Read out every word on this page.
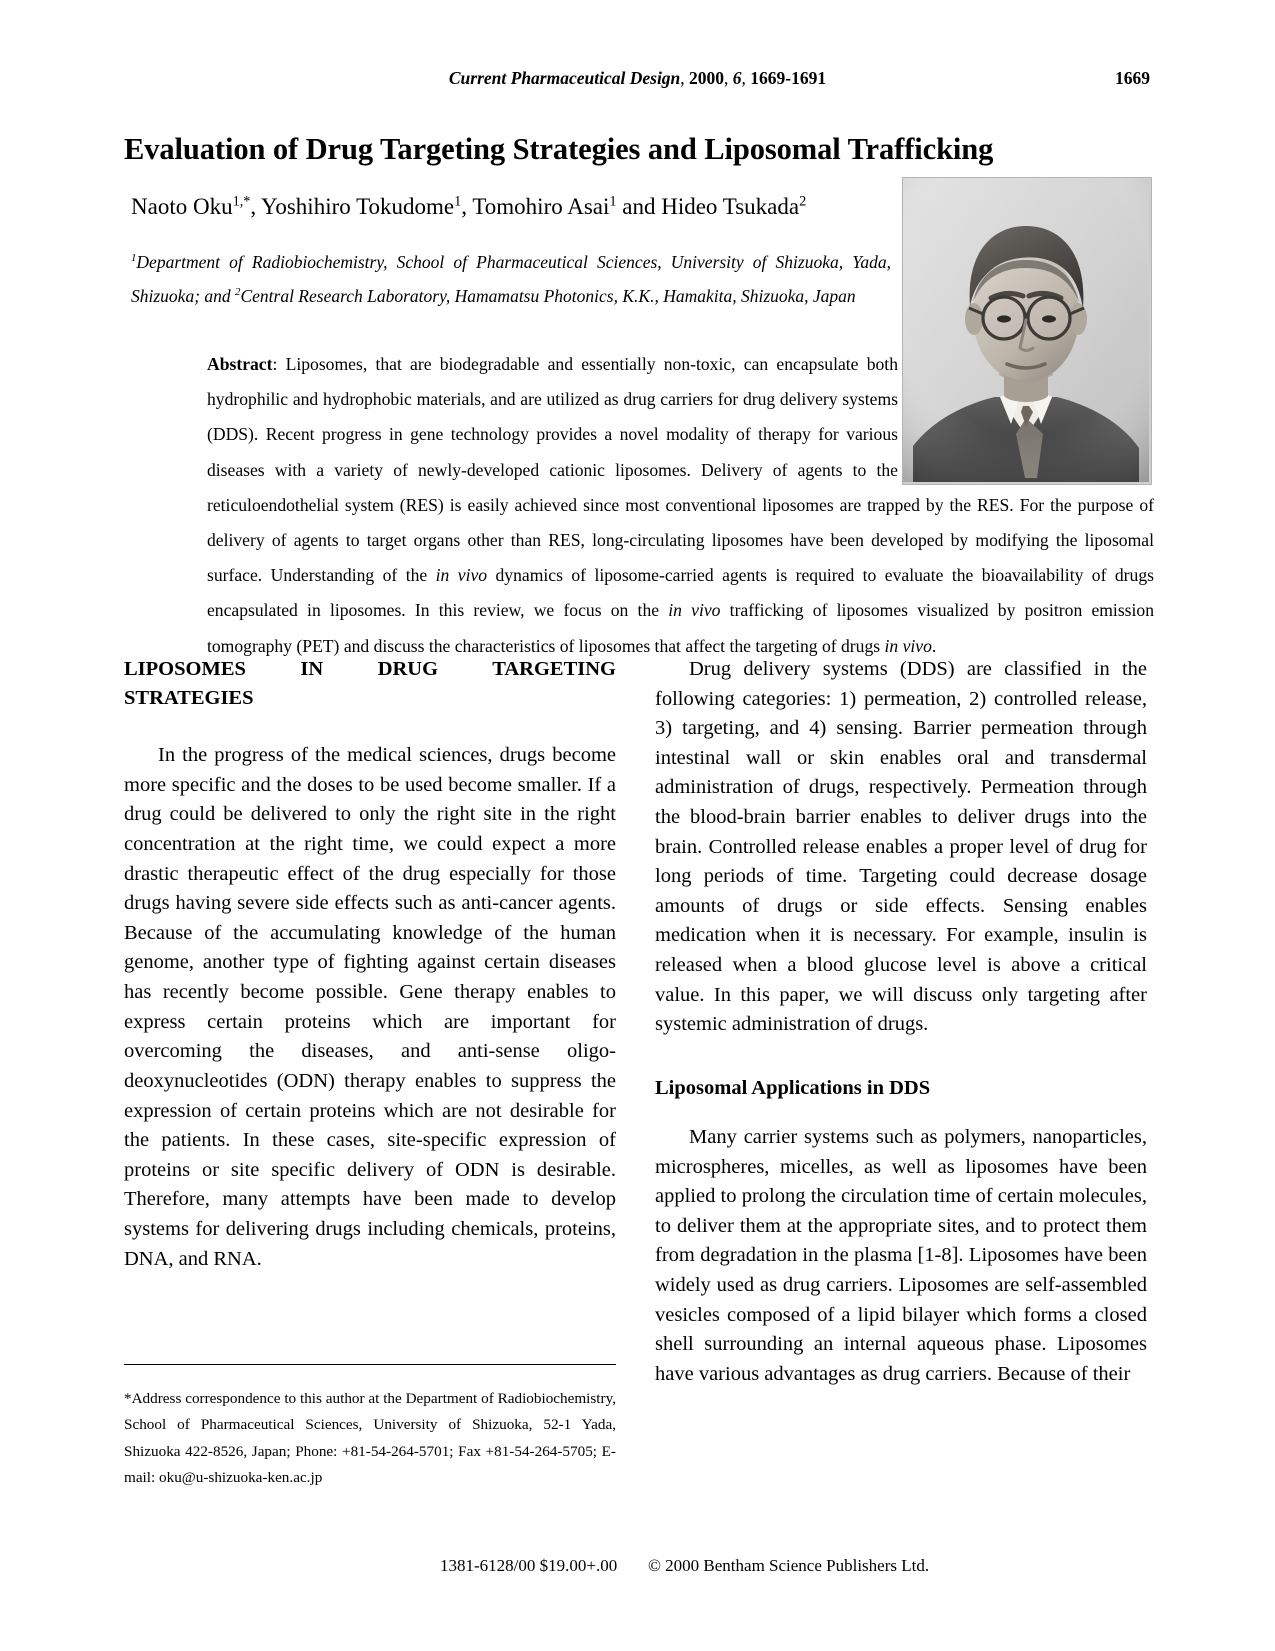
Current Pharmaceutical Design, 2000, 6, 1669-1691	1669
Evaluation of Drug Targeting Strategies and Liposomal Trafficking
Naoto Oku$^{1,*}$, Yoshihiro Tokudome$^1$, Tomohiro Asai$^1$ and Hideo Tsukada$^2$
$^1$Department of Radiobiochemistry, School of Pharmaceutical Sciences, University of Shizuoka, Yada, Shizuoka; and $^2$Central Research Laboratory, Hamamatsu Photonics, K.K., Hamakita, Shizuoka, Japan
Abstract: Liposomes, that are biodegradable and essentially non-toxic, can encapsulate both hydrophilic and hydrophobic materials, and are utilized as drug carriers for drug delivery systems (DDS). Recent progress in gene technology provides a novel modality of therapy for various diseases with a variety of newly-developed cationic liposomes. Delivery of agents to the reticuloendothelial system (RES) is easily achieved since most conventional liposomes are trapped by the RES. For the purpose of delivery of agents to target organs other than RES, long-circulating liposomes have been developed by modifying the liposomal surface. Understanding of the in vivo dynamics of liposome-carried agents is required to evaluate the bioavailability of drugs encapsulated in liposomes. In this review, we focus on the in vivo trafficking of liposomes visualized by positron emission tomography (PET) and discuss the characteristics of liposomes that affect the targeting of drugs in vivo.
LIPOSOMES IN DRUG TARGETING
STRATEGIES

In the progress of the medical sciences, drugs become more specific and the doses to be used become smaller. If a drug could be delivered to only the right site in the right concentration at the right time, we could expect a more drastic therapeutic effect of the drug especially for those drugs having severe side effects such as anti-cancer agents. Because of the accumulating knowledge of the human genome, another type of fighting against certain diseases has recently become possible. Gene therapy enables to express certain proteins which are important for overcoming the diseases, and anti-sense oligo-deoxynucleotides (ODN) therapy enables to suppress the expression of certain proteins which are not desirable for the patients. In these cases, site-specific expression of proteins or site specific delivery of ODN is desirable. Therefore, many attempts have been made to develop systems for delivering drugs including chemicals, proteins, DNA, and RNA.

Drug delivery systems (DDS) are classified in the following categories: 1) permeation, 2) controlled release, 3) targeting, and 4) sensing. Barrier permeation through intestinal wall or skin enables oral and transdermal administration of drugs, respectively. Permeation through the blood-brain barrier enables to deliver drugs into the brain. Controlled release enables a proper level of drug for long periods of time. Targeting could decrease dosage amounts of drugs or side effects. Sensing enables medication when it is necessary. For example, insulin is released when a blood glucose level is above a critical value. In this paper, we will discuss only targeting after systemic administration of drugs.

Liposomal Applications in DDS

Many carrier systems such as polymers, nanoparticles, microspheres, micelles, as well as liposomes have been applied to prolong the circulation time of certain molecules, to deliver them at the appropriate sites, and to protect them from degradation in the plasma [1-8]. Liposomes have been widely used as drug carriers. Liposomes are self-assembled vesicles composed of a lipid bilayer which forms a closed shell surrounding an internal aqueous phase. Liposomes have various advantages as drug carriers. Because of their

*Address correspondence to this author at the Department of Radiobiochemistry, School of Pharmaceutical Sciences, University of Shizuoka, 52-1 Yada, Shizuoka 422-8526, Japan; Phone: +81-54-264-5701; Fax +81-54-264-5705; E-mail: oku@u-shizuoka-ken.ac.jp
1381-6128/00 $19.00+.00 © 2000 Bentham Science Publishers Ltd.
